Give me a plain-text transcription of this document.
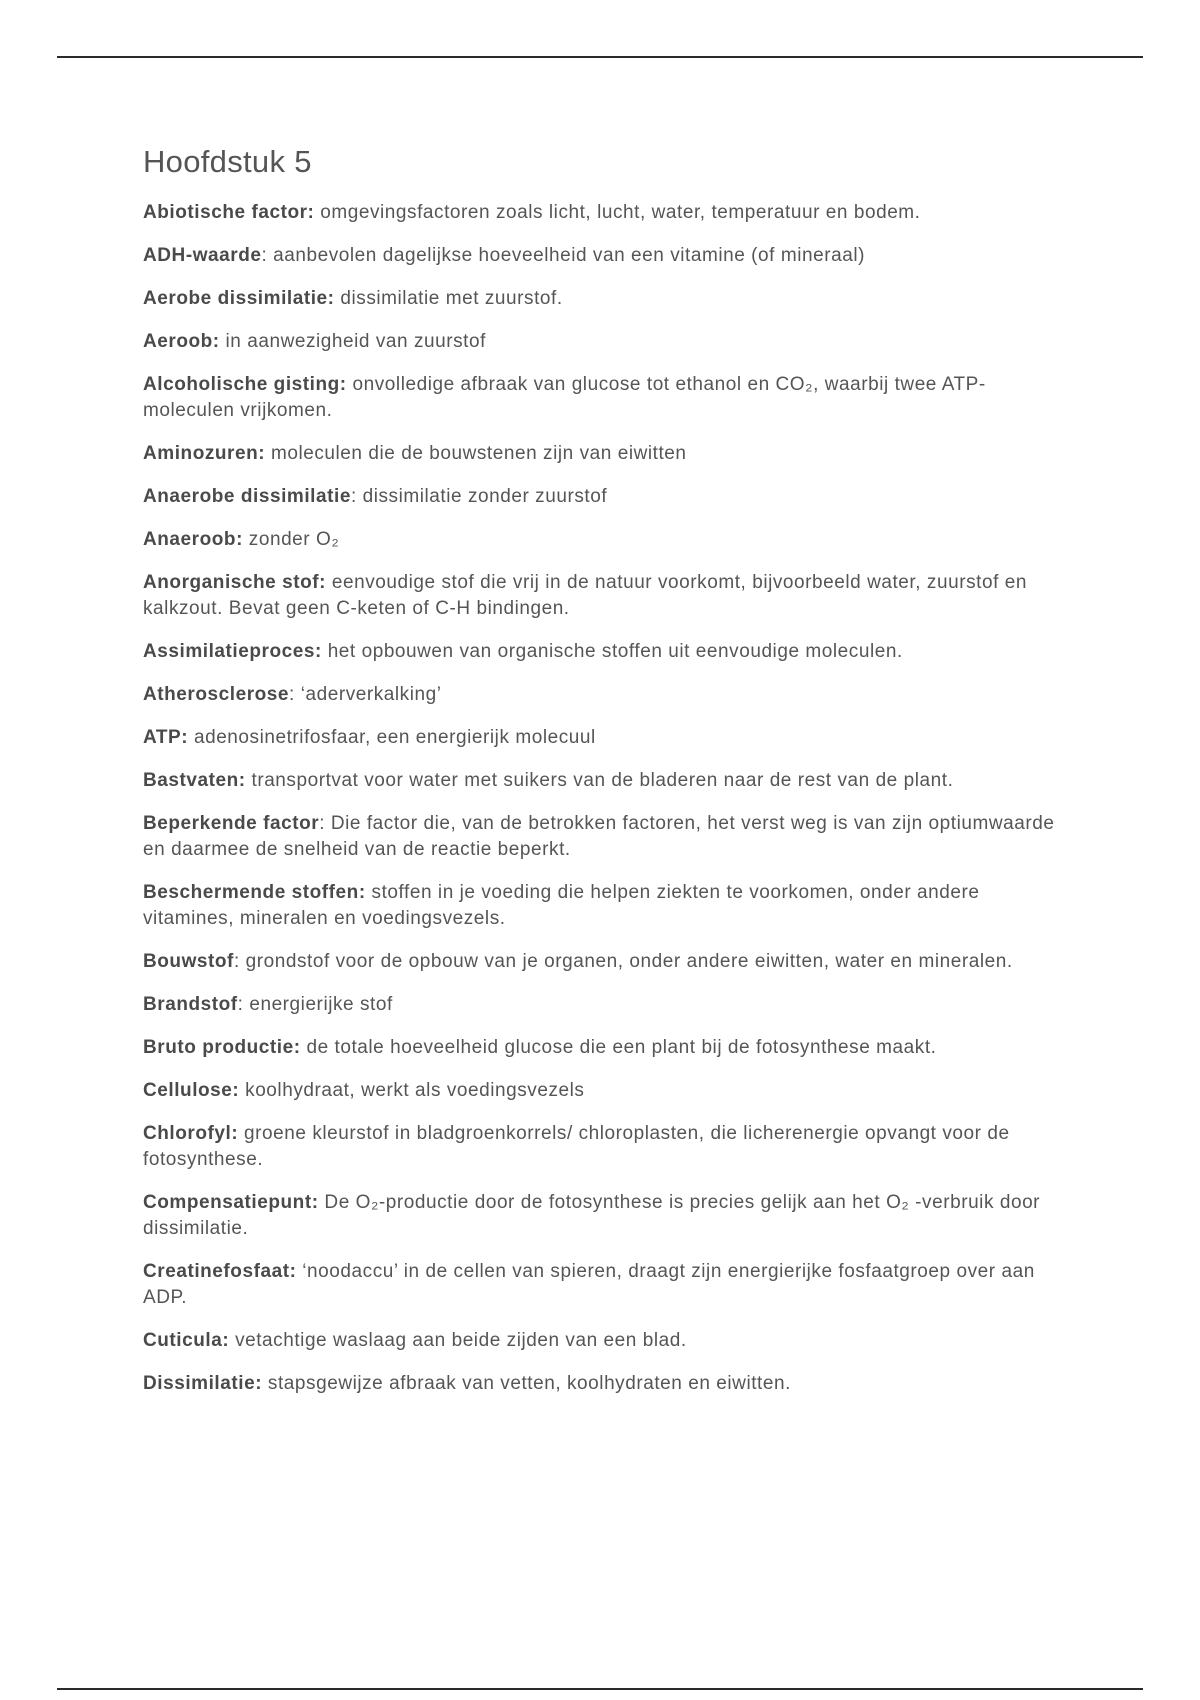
Hoofdstuk 5

Abiotische factor: omgevingsfactoren zoals licht, lucht, water, temperatuur en bodem.

ADH-waarde: aanbevolen dagelijkse hoeveelheid van een vitamine (of mineraal)

Aerobe dissimilatie: dissimilatie met zuurstof.

Aeroob: in aanwezigheid van zuurstof

Alcoholische gisting: onvolledige afbraak van glucose tot ethanol en CO₂, waarbij twee ATP-moleculen vrijkomen.

Aminozuren: moleculen die de bouwstenen zijn van eiwitten

Anaerobe dissimilatie: dissimilatie zonder zuurstof

Anaeroob: zonder O₂

Anorganische stof: eenvoudige stof die vrij in de natuur voorkomt, bijvoorbeeld water, zuurstof en kalkzout. Bevat geen C-keten of C-H bindingen.

Assimilatieproces: het opbouwen van organische stoffen uit eenvoudige moleculen.

Atherosclerose: ‘aderverkalking’

ATP: adenosinetrifosfaar, een energierijk molecuul

Bastvaten: transportvat voor water met suikers van de bladeren naar de rest van de plant.

Beperkende factor: Die factor die, van de betrokken factoren, het verst weg is van zijn optiumwaarde en daarmee de snelheid van de reactie beperkt.

Beschermende stoffen: stoffen in je voeding die helpen ziekten te voorkomen, onder andere vitamines, mineralen en voedingsvezels.

Bouwstof: grondstof voor de opbouw van je organen, onder andere eiwitten, water en mineralen.

Brandstof: energierijke stof

Bruto productie: de totale hoeveelheid glucose die een plant bij de fotosynthese maakt.

Cellulose: koolhydraat, werkt als voedingsvezels

Chlorofyl: groene kleurstof in bladgroenkorrels/ chloroplasten, die licherenergie opvangt voor de fotosynthese.

Compensatiepunt: De O₂-productie door de fotosynthese is precies gelijk aan het O₂ -verbruik door dissimilatie.

Creatinefosfaat: ‘noodaccu’ in de cellen van spieren, draagt zijn energierijke fosfaatgroep over aan ADP.

Cuticula: vetachtige waslaag aan beide zijden van een blad.

Dissimilatie: stapsgewijze afbraak van vetten, koolhydraten en eiwitten.
